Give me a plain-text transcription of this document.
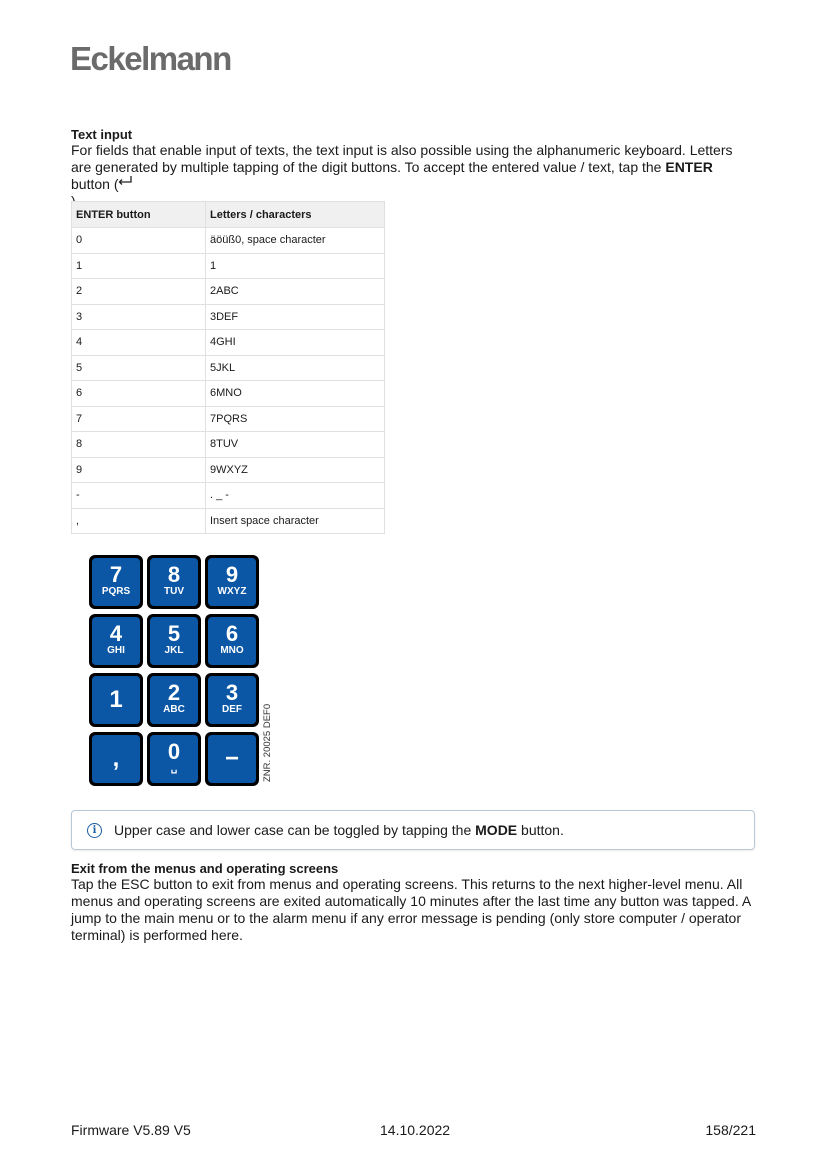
Eckelmann
Text input
For fields that enable input of texts, the text input is also possible using the alphanumeric keyboard. Letters are generated by multiple tapping of the digit buttons. To accept the entered value / text, tap the ENTER button (

ENTER button	Letters / characters
0	äöüß0, space character
1	1
2	2ABC
3	3DEF
4	4GHI
5	5JKL
6	6MNO
7	7PQRS
8	8TUV
9	9WXYZ
-	. _ -
,	Insert space character
7
PQRS
8
TUV
9
WXYZ
4
GHI
5
JKL
6
MNO
1	2
ABC
3
DEF
,	0
␣	−	ZNR. 20025 DEF0
i	Upper case and lower case can be toggled by tapping the MODE button.
Exit from the menus and operating screens
Tap the ESC button to exit from menus and operating screens. This returns to the next higher-level menu. All menus and operating screens are exited automatically 10 minutes after the last time any button was tapped. A jump to the main menu or to the alarm menu if any error message is pending (only store computer / operator terminal) is performed here.
Firmware V5.89 V5	14.10.2022	158/221
